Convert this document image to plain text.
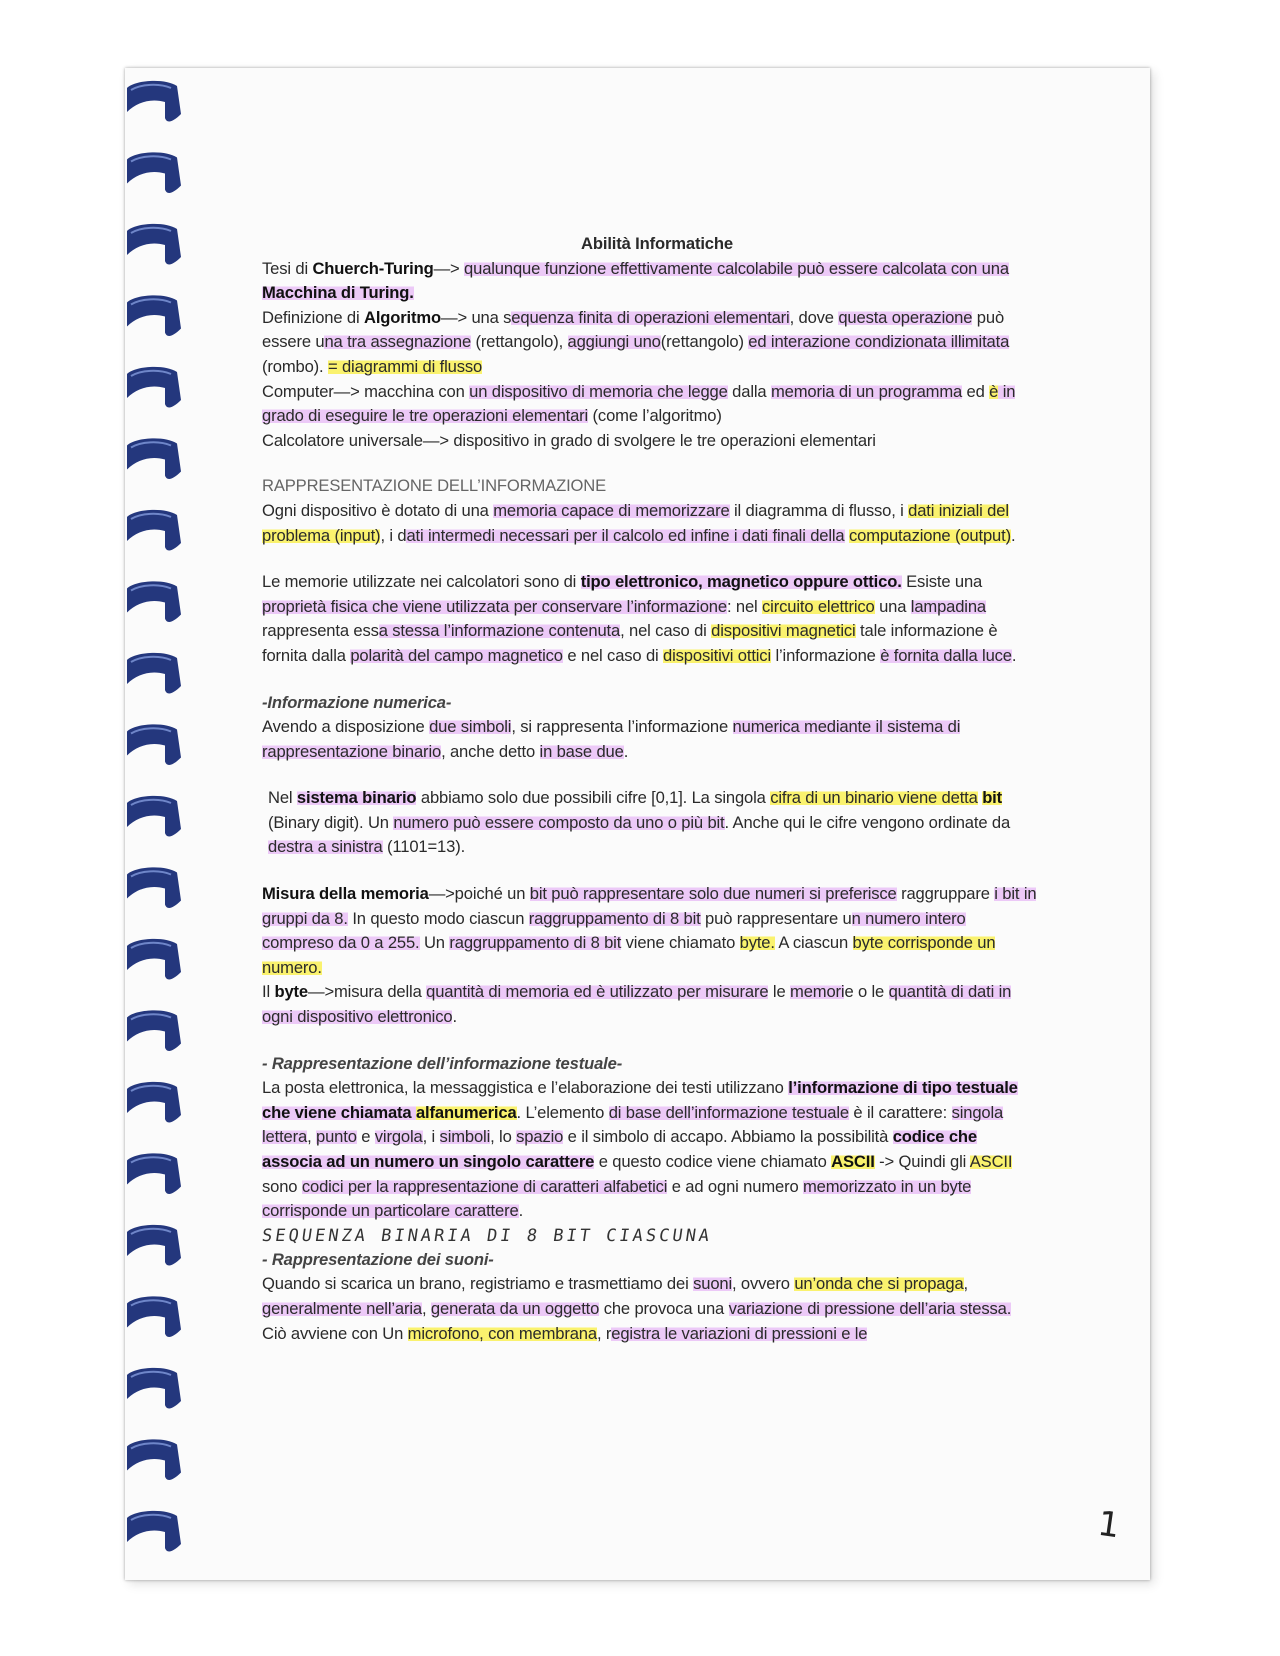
Abilità Informatiche

Tesi di Chuerch-Turing—> qualunque funzione effettivamente calcolabile può essere calcolata con una Macchina di Turing.

Definizione di Algoritmo—> una sequenza finita di operazioni elementari, dove questa operazione può essere una tra assegnazione (rettangolo), aggiungi uno(rettangolo) ed interazione condizionata illimitata (rombo). = diagrammi di flusso

Computer—> macchina con un dispositivo di memoria che legge dalla memoria di un programma ed è in grado di eseguire le tre operazioni elementari (come l’algoritmo)

Calcolatore universale—> dispositivo in grado di svolgere le tre operazioni elementari

RAPPRESENTAZIONE DELL’INFORMAZIONE

Ogni dispositivo è dotato di una memoria capace di memorizzare il diagramma di flusso, i dati iniziali del problema (input), i dati intermedi necessari per il calcolo ed infine i dati finali della computazione (output).

Le memorie utilizzate nei calcolatori sono di tipo elettronico, magnetico oppure ottico. Esiste una proprietà fisica che viene utilizzata per conservare l’informazione: nel circuito elettrico una lampadina rappresenta essa stessa l’informazione contenuta, nel caso di dispositivi magnetici tale informazione è fornita dalla polarità del campo magnetico e nel caso di dispositivi ottici l’informazione è fornita dalla luce.

-Informazione numerica-

Avendo a disposizione due simboli, si rappresenta l’informazione numerica mediante il sistema di rappresentazione binario, anche detto in base due.

Nel sistema binario abbiamo solo due possibili cifre [0,1]. La singola cifra di un binario viene detta bit (Binary digit). Un numero può essere composto da uno o più bit. Anche qui le cifre vengono ordinate da destra a sinistra (1101=13).

Misura della memoria—>poiché un bit può rappresentare solo due numeri si preferisce raggruppare i bit in gruppi da 8. In questo modo ciascun raggruppamento di 8 bit può rappresentare un numero intero compreso da 0 a 255. Un raggruppamento di 8 bit viene chiamato byte. A ciascun byte corrisponde un numero.

Il byte—>misura della quantità di memoria ed è utilizzato per misurare le memorie o le quantità di dati in ogni dispositivo elettronico.

- Rappresentazione dell’informazione testuale-

La posta elettronica, la messaggistica e l’elaborazione dei testi utilizzano l’informazione di tipo testuale che viene chiamata alfanumerica. L’elemento di base dell’informazione testuale è il carattere: singola lettera, punto e virgola, i simboli, lo spazio e il simbolo di accapo. Abbiamo la possibilità codice che associa ad un numero un singolo carattere e questo codice viene chiamato ASCII -> Quindi gli ASCII sono codici per la rappresentazione di caratteri alfabetici e ad ogni numero memorizzato in un byte corrisponde un particolare carattere.

SEQUENZA BINARIA DI 8 BIT CIASCUNA

- Rappresentazione dei suoni-

Quando si scarica un brano, registriamo e trasmettiamo dei suoni, ovvero un’onda che si propaga, generalmente nell’aria, generata da un oggetto che provoca una variazione di pressione dell’aria stessa. Ciò avviene con Un microfono, con membrana, registra le variazioni di pressioni e le

1
